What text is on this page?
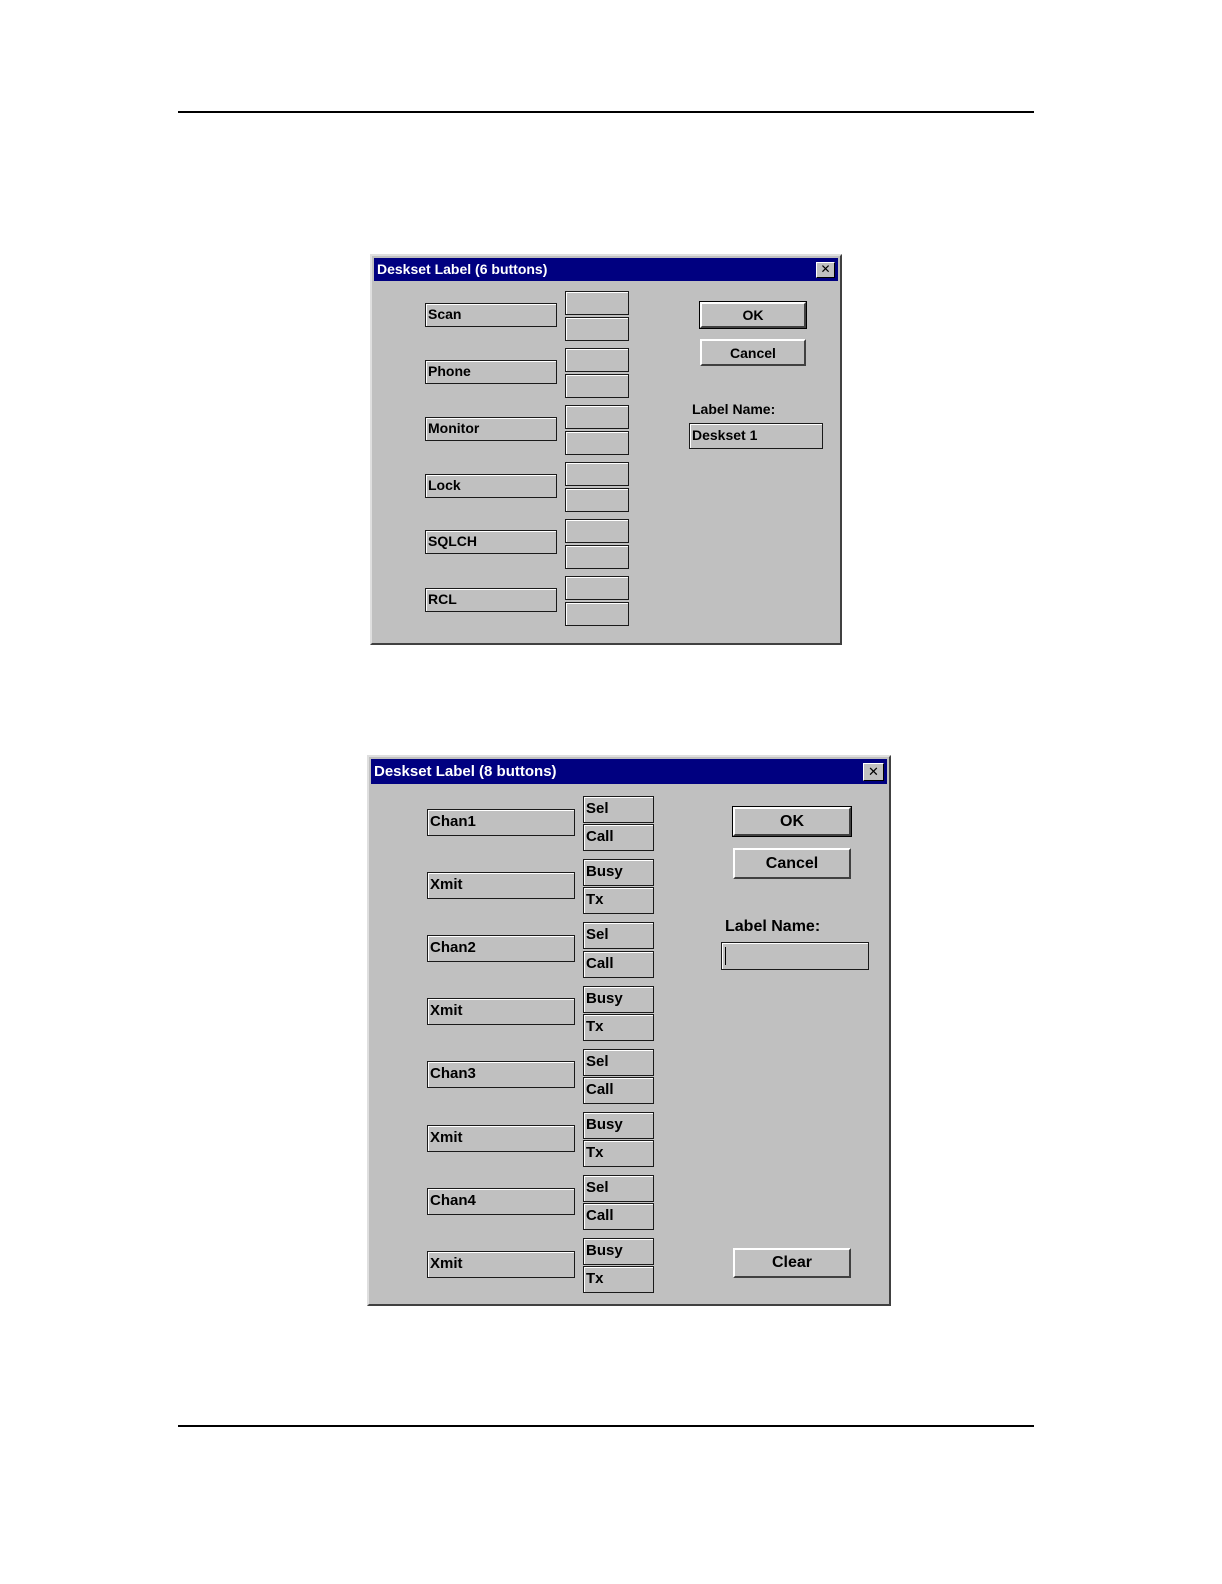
Deskset Label (6 buttons)	✕
Scan
Phone
Monitor
Lock
SQLCH
RCL
OK
Cancel
Label Name:
Deskset 1
Deskset Label (8 buttons)	✕
Chan1
Sel
Call
Xmit
Busy
Tx
Chan2
Sel
Call
Xmit
Busy
Tx
Chan3
Sel
Call
Xmit
Busy
Tx
Chan4
Sel
Call
Xmit
Busy
Tx
OK
Cancel
Label Name:
Clear
